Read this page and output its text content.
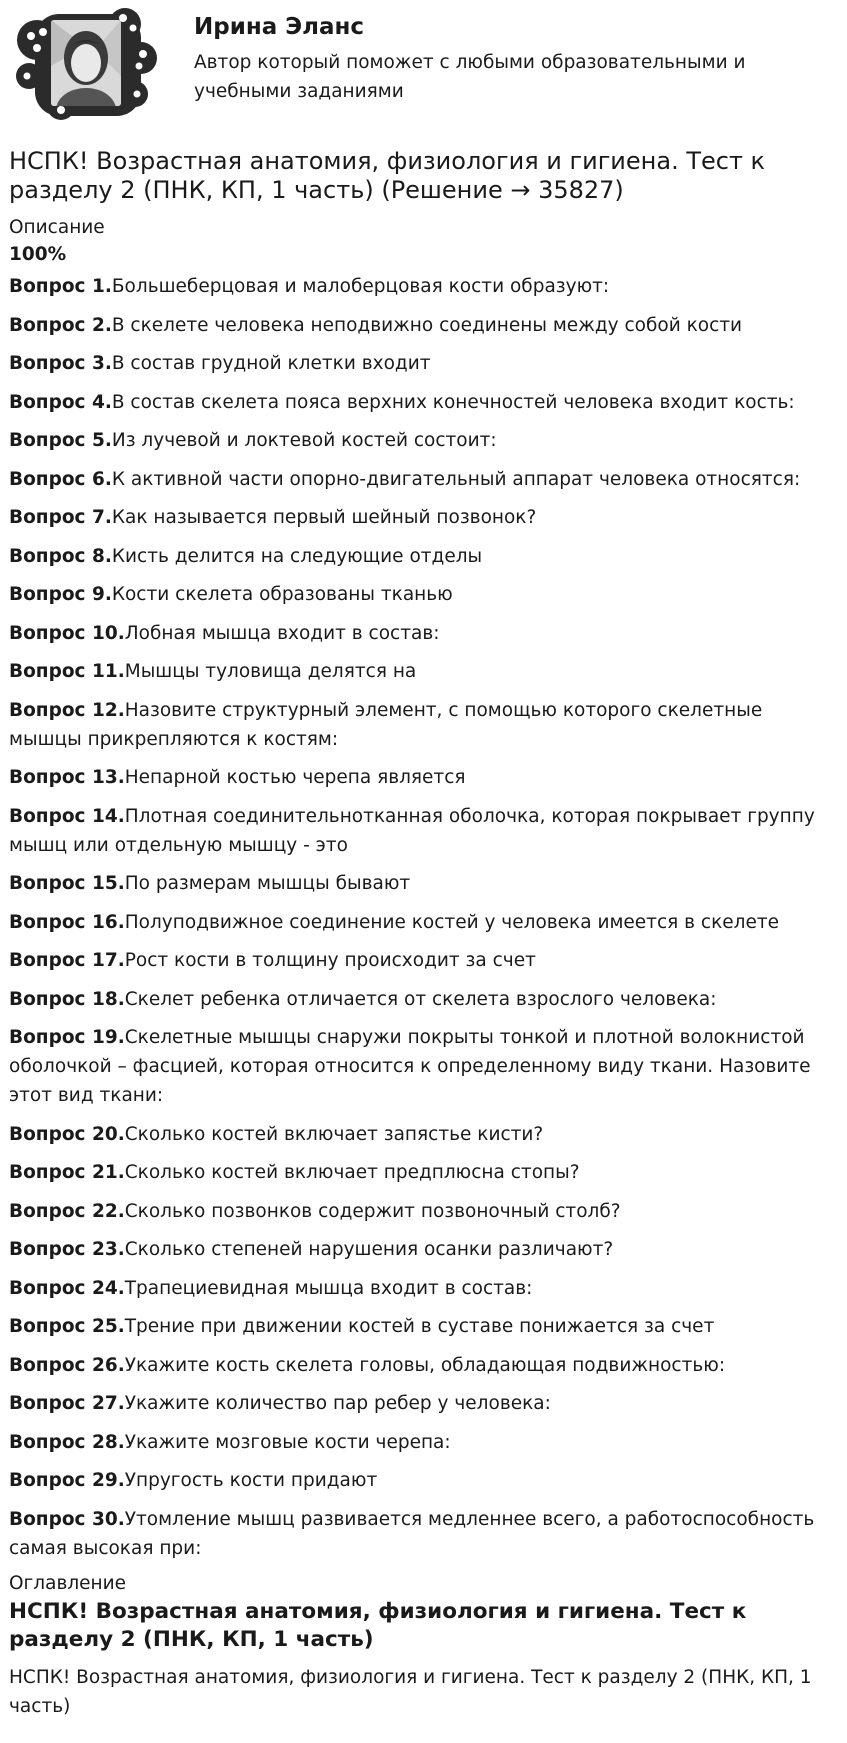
Ирина Эланс

Автор который поможет с любыми образовательными и учебными заданиями

НСПК! Возрастная анатомия, физиология и гигиена. Тест к разделу 2 (ПНК, КП, 1 часть) (Решение → 35827)

Описание

100%

Вопрос 1.Большеберцовая и малоберцовая кости образуют:
Вопрос 2.В скелете человека неподвижно соединены между собой кости
Вопрос 3.В состав грудной клетки входит
Вопрос 4.В состав скелета пояса верхних конечностей человека входит кость:
Вопрос 5.Из лучевой и локтевой костей состоит:
Вопрос 6.К активной части опорно-двигательный аппарат человека относятся:
Вопрос 7.Как называется первый шейный позвонок?
Вопрос 8.Кисть делится на следующие отделы
Вопрос 9.Кости скелета образованы тканью
Вопрос 10.Лобная мышца входит в состав:
Вопрос 11.Мышцы туловища делятся на
Вопрос 12.Назовите структурный элемент, с помощью которого скелетные мышцы прикрепляются к костям:
Вопрос 13.Непарной костью черепа является
Вопрос 14.Плотная соединительнотканная оболочка, которая покрывает группу мышц или отдельную мышцу - это
Вопрос 15.По размерам мышцы бывают
Вопрос 16.Полуподвижное соединение костей у человека имеется в скелете
Вопрос 17.Рост кости в толщину происходит за счет
Вопрос 18.Скелет ребенка отличается от скелета взрослого человека:
Вопрос 19.Скелетные мышцы снаружи покрыты тонкой и плотной волокнистой оболочкой – фасцией, которая относится к определенному виду ткани. Назовите этот вид ткани:
Вопрос 20.Сколько костей включает запястье кисти?
Вопрос 21.Сколько костей включает предплюсна стопы?
Вопрос 22.Сколько позвонков содержит позвоночный столб?
Вопрос 23.Сколько степеней нарушения осанки различают?
Вопрос 24.Трапециевидная мышца входит в состав:
Вопрос 25.Трение при движении костей в суставе понижается за счет
Вопрос 26.Укажите кость скелета головы, обладающая подвижностью:
Вопрос 27.Укажите количество пар ребер у человека:
Вопрос 28.Укажите мозговые кости черепа:
Вопрос 29.Упругость кости придают
Вопрос 30.Утомление мышц развивается медленнее всего, а работоспособность самая высокая при:

Оглавление

НСПК! Возрастная анатомия, физиология и гигиена. Тест к разделу 2 (ПНК, КП, 1 часть)

НСПК! Возрастная анатомия, физиология и гигиена. Тест к разделу 2 (ПНК, КП, 1 часть)
